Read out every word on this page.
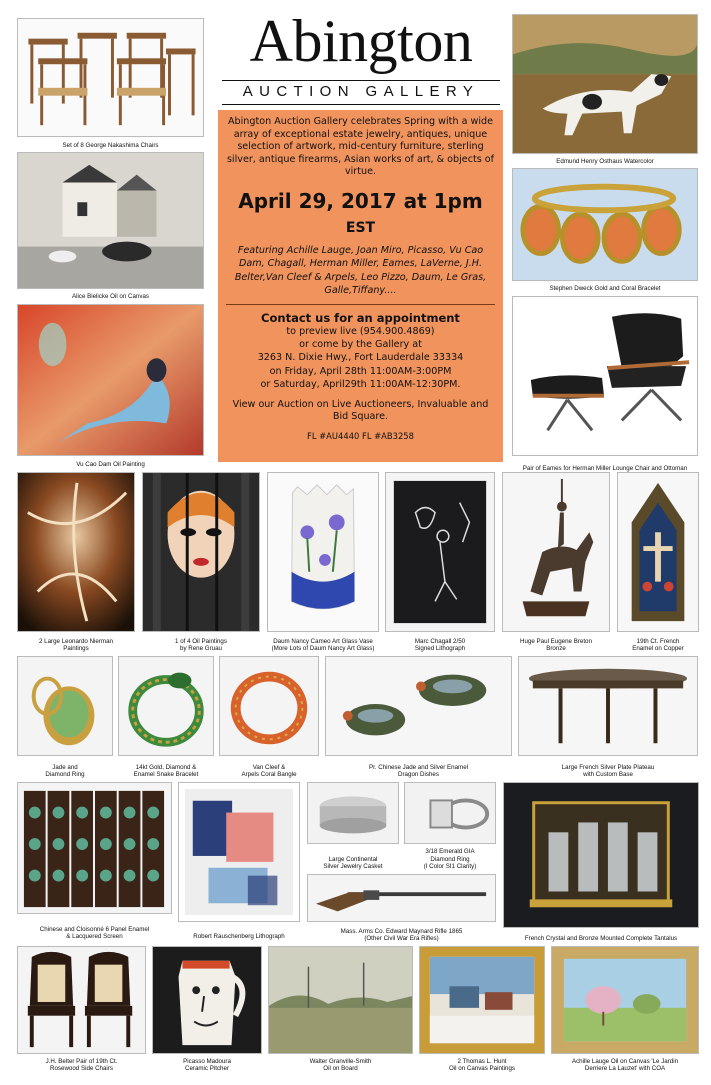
Abington
AUCTION GALLERY
Abington Auction Gallery celebrates Spring with a wide array of exceptional estate jewelry, antiques, unique selection of artwork, mid-century furniture, sterling silver, antique firearms, Asian works of art, & objects of virtue.
April 29, 2017 at 1pm EST
Featuring Achille Lauge, Joan Miro, Picasso, Vu Cao Dam, Chagall, Herman Miller, Eames, LaVerne, J.H. Belter,Van Cleef & Arpels, Leo Pizzo, Daum, Le Gras, Galle,Tiffany....
Contact us for an appointment
to preview live (954.900.4869)
or come by the Gallery at
3263 N. Dixie Hwy., Fort Lauderdale 33334
on Friday, April 28th 11:00AM-3:00PM
or Saturday, April29th 11:00AM-12:30PM.
View our Auction on Live Auctioneers, Invaluable and Bid Square.
FL #AU4440 FL #AB3258
Set of 8 George Nakashima Chairs
Alice Bielicke Oil on Canvas
Vu Cao Dam Oil Painting
Edmund Henry Osthaus Watercolor
Stephen Dweck Gold and Coral Bracelet
Pair of Eames for Herman Miller Lounge Chair and Ottoman
2 Large Leonardo Nierman
Paintings
1 of 4 Oil Paintings
by Rene Gruau
Daum Nancy Cameo Art Glass Vase
(More Lots of Daum Nancy Art Glass)
Marc Chagall 2/50
Signed Lithograph
Huge Paul Eugene Breton
Bronze
19th Ct. French
Enamel on Copper
Jade and
Diamond Ring
14kt Gold, Diamond &
Enamel Snake Bracelet
Van Cleef &
Arpels Coral Bangle
Pr. Chinese Jade and Silver Enamel
Dragon Dishes
Large French Silver Plate Plateau
with Custom Base
Chinese and Cloisonné 6 Panel Enamel
& Lacquered Screen	Robert Rauschenberg Lithograph
Large Continental
Silver Jewelry Casket
3/18 Emerald GIA
Diamond Ring
(I Color SI1 Clarity)
Mass. Arms Co. Edward Maynard Rifle 1865
(Other Civil War Era Rifles)	French Crystal and Bronze Mounted Complete Tantalus
J.H. Belter Pair of 19th Ct.
Rosewood Side Chairs
Picasso Madoura
Ceramic Pitcher
Walter Granville-Smith
Oil on Board
2 Thomas L. Hunt
Oil on Canvas Paintings
Achille Lauge Oil on Canvas 'Le Jardin
Derriere La Lauzet' with COA
